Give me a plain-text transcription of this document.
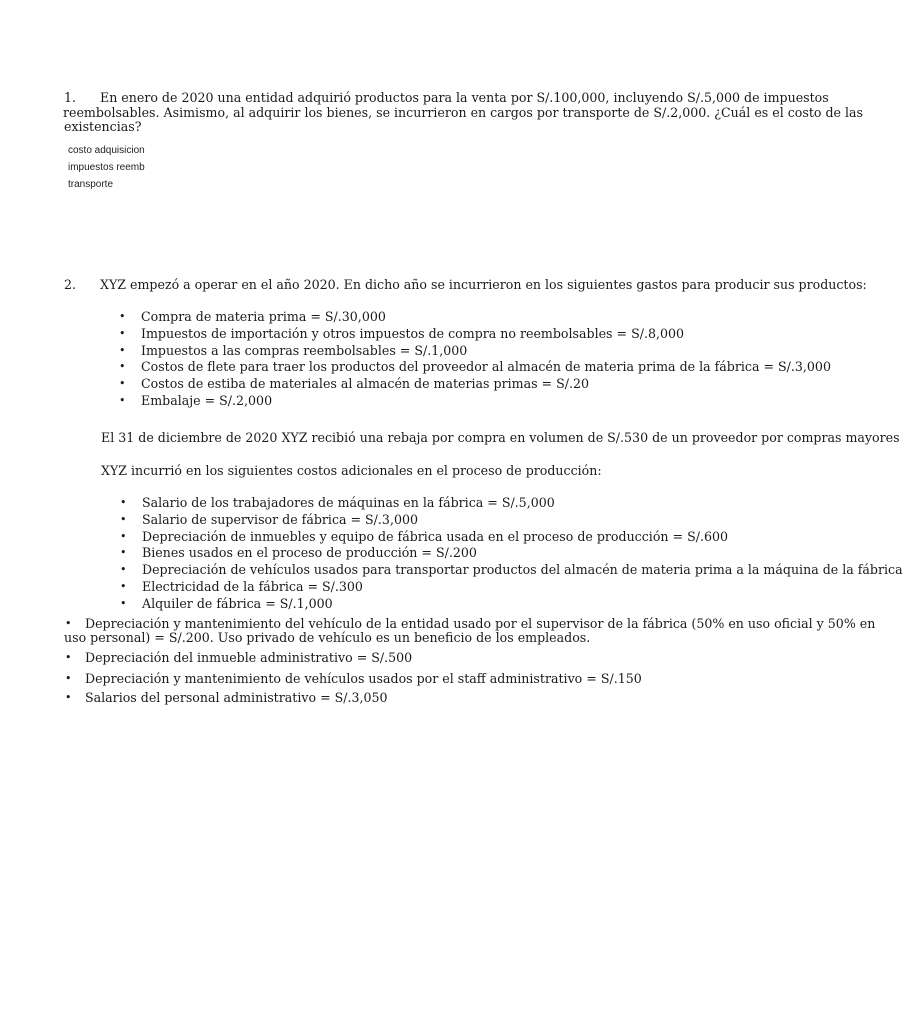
1. En enero de 2020 una entidad adquirió productos para la venta por S/.100,000, incluyendo S/.5,000 de impuestos
reembolsables. Asimismo, al adquirir los bienes, se incurrieron en cargos por transporte de S/.2,000. ¿Cuál es el costo de las
existencias?
costo adquisicion
impuestos reemb
transporte
2. XYZ empezó a operar en el año 2020. En dicho año se incurrieron en los siguientes gastos para producir sus productos:
• Compra de materia prima = S/.30,000
• Impuestos de importación y otros impuestos de compra no reembolsables = S/.8,000
• Impuestos a las compras reembolsables = S/.1,000
• Costos de flete para traer los productos del proveedor al almacén de materia prima de la fábrica = S/.3,000
• Costos de estiba de materiales al almacén de materias primas = S/.20
• Embalaje = S/.2,000
El 31 de diciembre de 2020 XYZ recibió una rebaja por compra en volumen de S/.530 de un proveedor por compras mayores
XYZ incurrió en los siguientes costos adicionales en el proceso de producción:
• Salario de los trabajadores de máquinas en la fábrica = S/.5,000
• Salario de supervisor de fábrica = S/.3,000
• Depreciación de inmuebles y equipo de fábrica usada en el proceso de producción = S/.600
• Bienes usados en el proceso de producción = S/.200
• Depreciación de vehículos usados para transportar productos del almacén de materia prima a la máquina de la fábrica
• Electricidad de la fábrica = S/.300
• Alquiler de fábrica = S/.1,000
• Depreciación y mantenimiento del vehículo de la entidad usado por el supervisor de la fábrica (50% en uso oficial y 50% en
uso personal) = S/.200. Uso privado de vehículo es un beneficio de los empleados.
• Depreciación del inmueble administrativo = S/.500
• Depreciación y mantenimiento de vehículos usados por el staff administrativo = S/.150
• Salarios del personal administrativo = S/.3,050
